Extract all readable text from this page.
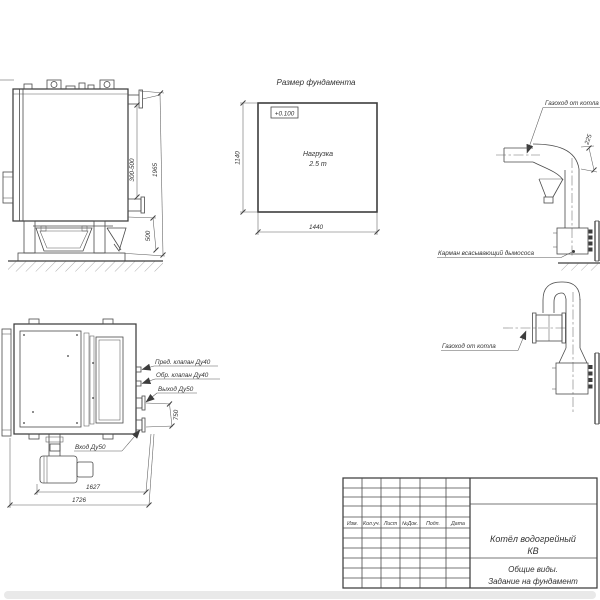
300-500	1965
500
Размер фундамента
+0.100
Нагрузка
2.5 т
1140
1440
Газоход от котла
225
Карман всасывающий дымососа
Газоход от котла
Пред. клапан Ду40
Обр. клапан Ду40
Выход Ду50
Вход Ду50
750
1627
1726
Изм. Кол.уч. Лист №Док. Подп. Дата
Котёл водогрейный
КВ
Общие виды.
Задание на фундамент
